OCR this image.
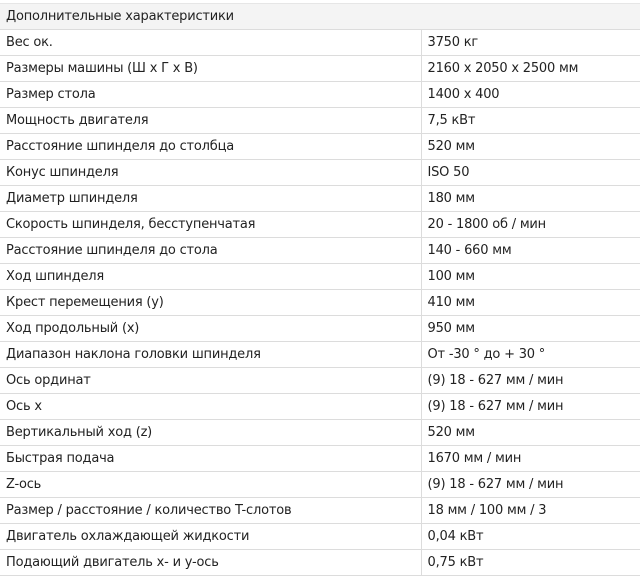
Дополнительные характеристики	
Вес ок.	3750 кг
Размеры машины (Ш x Г x В)	2160 x 2050 x 2500 мм
Размер стола	1400 x 400
Мощность двигателя	7,5 кВт
Расстояние шпинделя до столбца	520 мм
Конус шпинделя	ISO 50
Диаметр шпинделя	180 мм
Скорость шпинделя, бесступенчатая	20 - 1800 об / мин
Расстояние шпинделя до стола	140 - 660 мм
Ход шпинделя	100 мм
Крест перемещения (y)	410 мм
Ход продольный (x)	950 мм
Диапазон наклона головки шпинделя	От -30 ° до + 30 °
Ось ординат	(9) 18 - 627 мм / мин
Ось x	(9) 18 - 627 мм / мин
Вертикальный ход (z)	520 мм
Быстрая подача	1670 мм / мин
Z-ось	(9) 18 - 627 мм / мин
Размер / расстояние / количество T-слотов	18 мм / 100 мм / 3
Двигатель охлаждающей жидкости	0,04 кВт
Подающий двигатель x- и y-ось	0,75 кВт
